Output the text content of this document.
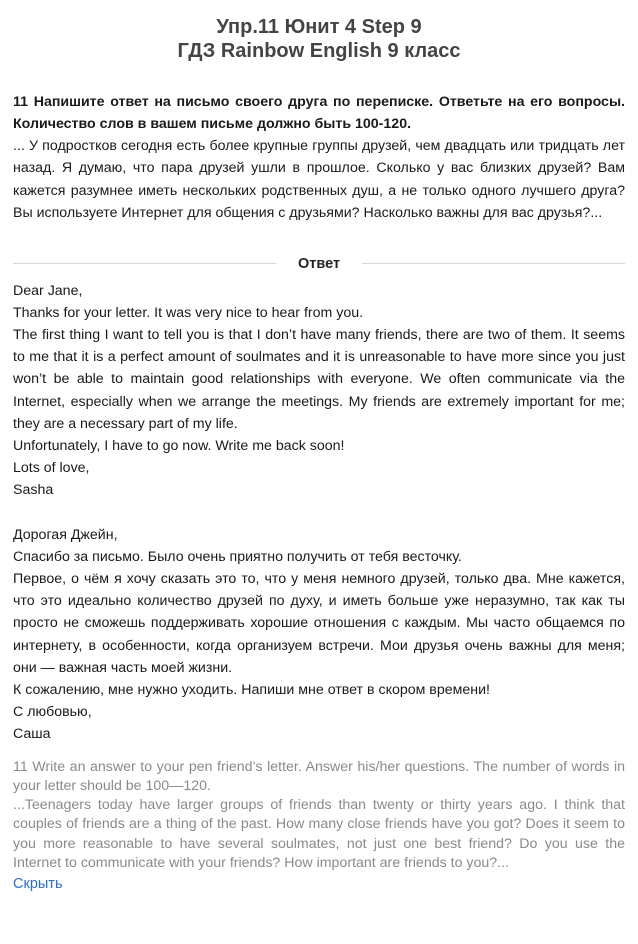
Упр.11 Юнит 4 Step 9
ГДЗ Rainbow English 9 класс

11 Напишите ответ на письмо своего друга по переписке. Ответьте на его вопросы. Количество слов в вашем письме должно быть 100-120.

... У подростков сегодня есть более крупные группы друзей, чем двадцать или тридцать лет назад. Я думаю, что пара друзей ушли в прошлое. Сколько у вас близких друзей? Вам кажется разумнее иметь нескольких родственных душ, а не только одного лучшего друга? Вы используете Интернет для общения с друзьями? Насколько важны для вас друзья?...

Ответ

Dear Jane,

Thanks for your letter. It was very nice to hear from you.

The first thing I want to tell you is that I don’t have many friends, there are two of them. It seems to me that it is a perfect amount of soulmates and it is unreasonable to have more since you just won’t be able to maintain good relationships with everyone. We often communicate via the Internet, especially when we arrange the meetings. My friends are extremely important for me; they are a necessary part of my life.

Unfortunately, I have to go now. Write me back soon!

Lots of love,

Sasha

Дорогая Джейн,

Спасибо за письмо. Было очень приятно получить от тебя весточку.

Первое, о чём я хочу сказать это то, что у меня немного друзей, только два. Мне кажется, что это идеально количество друзей по духу, и иметь больше уже неразумно, так как ты просто не сможешь поддерживать хорошие отношения с каждым. Мы часто общаемся по интернету, в особенности, когда организуем встречи. Мои друзья очень важны для меня; они — важная часть моей жизни.

К сожалению, мне нужно уходить. Напиши мне ответ в скором времени!

С любовью,

Саша

11 Write an answer to your pen friend’s letter. Answer his/her questions. The number of words in your letter should be 100—120.

...Teenagers today have larger groups of friends than twenty or thirty years ago. I think that couples of friends are a thing of the past. How many close friends have you got? Does it seem to you more reasonable to have several soulmates, not just one best friend? Do you use the Internet to communicate with your friends? How important are friends to you?...

Скрыть
